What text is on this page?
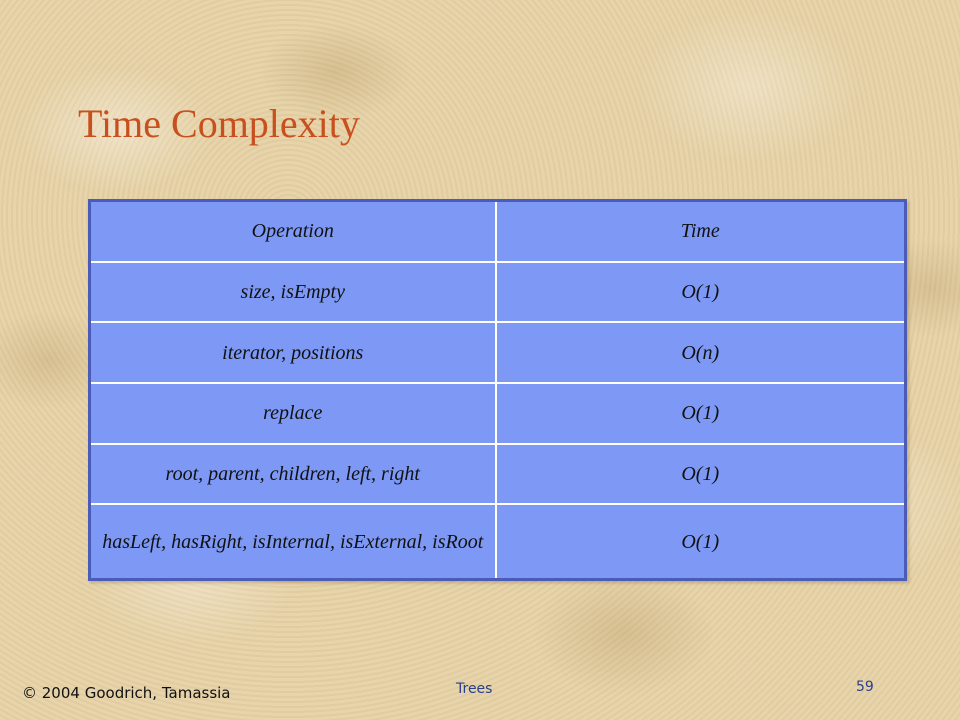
Time Complexity
Operation	Time
size, isEmpty	O(1)
iterator, positions	O(n)
replace	O(1)
root, parent, children, left, right	O(1)
hasLeft, hasRight, isInternal, isExternal, isRoot	O(1)
© 2004 Goodrich, Tamassia	Trees	59
